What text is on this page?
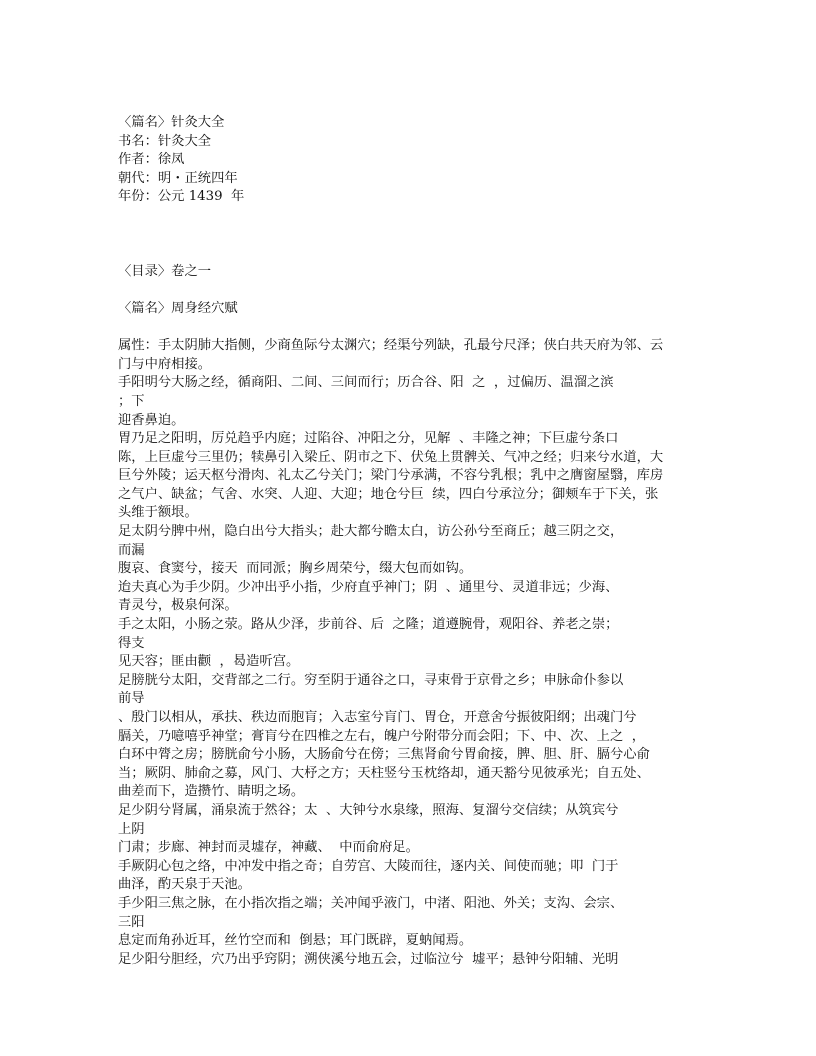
〈篇名〉针灸大全
书名：针灸大全
作者：徐凤
朝代：明・正统四年
年份：公元 1439  年
〈目录〉卷之一
〈篇名〉周身经穴赋
属性：手太阴肺大指侧，少商鱼际兮太渊穴；经渠兮列缺，孔最兮尺泽；侠白共天府为邻、云
门与中府相接。
手阳明兮大肠之经，循商阳、二间、三间而行；历合谷、阳  之  ，过偏历、温溜之滨
；下
迎香鼻迫。
胃乃足之阳明，厉兑趋乎内庭；过陷谷、冲阳之分，见解  、丰隆之神；下巨虚兮条口
陈，上巨虚兮三里仍；犊鼻引入梁丘、阴市之下、伏兔上贯髀关、气冲之经；归来兮水道，大
巨兮外陵；运天枢兮滑肉、礼太乙兮关门；梁门兮承满，不容兮乳根；乳中之膺窗屋翳，库房
之气户、缺盆；气舍、水突、人迎、大迎；地仓兮巨  续，四白兮承泣分；御颊车于下关，张
头维于额垠。
足太阴兮脾中州，隐白出兮大指头；赴大都兮瞻太白，访公孙兮至商丘；越三阴之交，
而漏
腹哀、食窦兮，接天  而同派；胸乡周荣兮，缀大包而如钩。
迨夫真心为手少阴。少冲出乎小指，少府直乎神门；阴  、通里兮、灵道非远；少海、
青灵兮，极泉何深。
手之太阳，小肠之荥。路从少泽，步前谷、后  之隆；道遵腕骨，观阳谷、养老之崇；
得支
见天容；匪由颧  ，曷造听宫。
足膀胱兮太阳，交背部之二行。穷至阴于通谷之口，寻束骨于京骨之乡；申脉命仆参以
前导
、殷门以相从，承扶、秩边而胞肓；入志室兮肓门、胃仓，开意舍兮振彼阳纲；出魂门兮
膈关，乃噫嘻乎神堂；膏肓兮在四椎之左右，魄户兮附带分而会阳；下、中、次、上之  ，
白环中膂之房；膀胱俞兮小肠，大肠俞兮在傍；三焦肾俞兮胃俞接，脾、胆、肝、膈兮心俞
当；厥阴、肺俞之募，风门、大杼之方；天柱竖兮玉枕络却，通天豁兮见彼承光；自五处、
曲差而下，造攒竹、睛明之场。
足少阴兮肾属，涌泉流于然谷；太  、大钟兮水泉缘，照海、复溜兮交信续；从筑宾兮
上阴
门肃；步廊、神封而灵墟存，神藏、  中而俞府足。
手厥阴心包之络，中冲发中指之奇；自劳宫、大陵而往，逐内关、间使而驰；叩  门于
曲泽，酌天泉于天池。
手少阳三焦之脉，在小指次指之端；关冲闻乎液门，中渚、阳池、外关；支沟、会宗、
三阳
息定而角孙近耳，丝竹空而和  倒悬；耳门既辟，夏蚋闻焉。
足少阳兮胆经，穴乃出乎窍阴；溯侠溪兮地五会，过临泣兮  墟平；悬钟兮阳辅、光明
